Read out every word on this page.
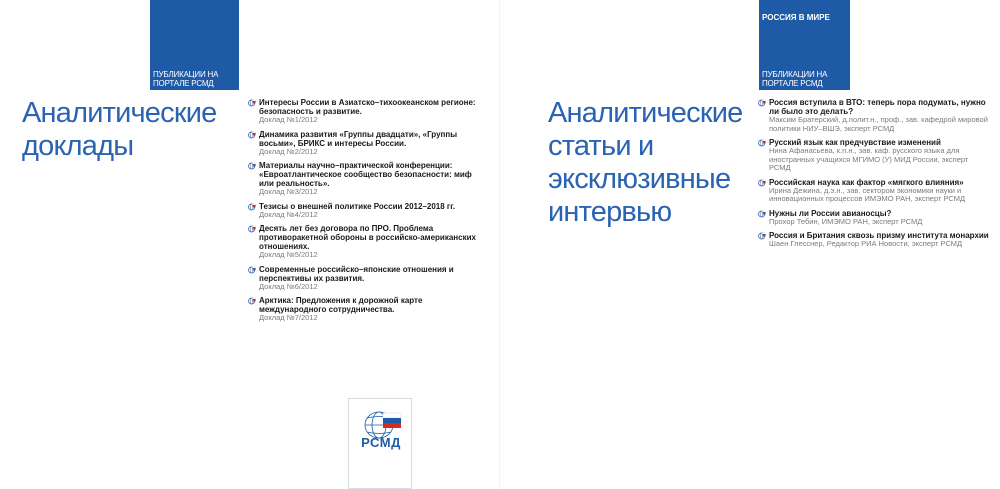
ПУБЛИКАЦИИ НА ПОРТАЛЕ РСМД
Аналитические доклады
Интересы России в Азиатско–тихоокеанском регионе: безопасность и развитие.
Доклад №1/2012
Динамика развития «Группы двадцати», «Группы восьми», БРИКС и интересы России.
Доклад №2/2012
Материалы научно–практической конференции: «Евроатлантическое сообщество безопасности: миф или реальность».
Доклад №3/2012
Тезисы о внешней политике России 2012–2018 гг.
Доклад №4/2012
Десять лет без договора по ПРО. Проблема противоракетной обороны в российско-американских отношениях.
Доклад №5/2012
Современные российско–японские отношения и перспективы их развития.
Доклад №6/2012
Арктика: Предложения к дорожной карте международного сотрудничества.
Доклад №7/2012
РСМД
РОССИЯ В МИРЕ
ПУБЛИКАЦИИ НА ПОРТАЛЕ РСМД
Аналитические статьи и эксклюзивные интервью
Россия вступила в ВТО: теперь пора подумать, нужно ли было это делать?
Максим Братерский, д.полит.н., проф., зав. кафедрой мировой политики НИУ–ВШЭ, эксперт РСМД
Русский язык как предчувствие изменений
Нина Афанасьева, к.п.н., зав. каф. русского языка для иностранных учащихся МГИМО (У) МИД России, эксперт РСМД
Российская наука как фактор «мягкого влияния»
Ирина Дежина, д.э.н., зав. сектором экономики науки и инновационных процессов ИМЭМО РАН, эксперт РСМД
Нужны ли России авианосцы?
Прохор Тебин, ИМЭМО РАН, эксперт РСМД
Россия и Британия сквозь призму института монархии
Шаен Глесснер, Редактор РИА Новости, эксперт РСМД
